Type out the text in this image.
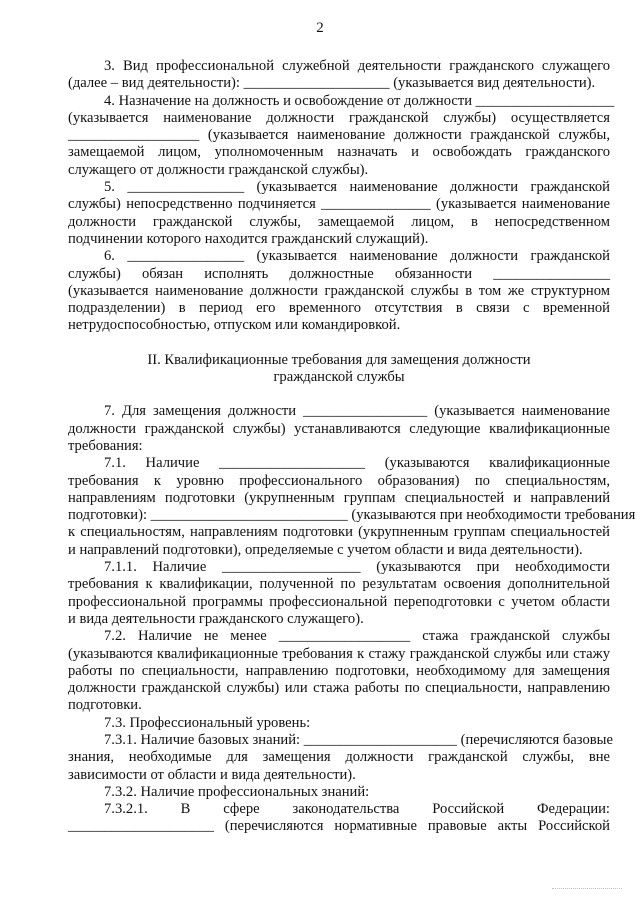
2
3. Вид профессиональной служебной деятельности гражданского служащего
(далее – вид деятельности): ____________________ (указывается вид деятельности).
4. Назначение на должность и освобождение от должности ___________________
(указывается наименование должности гражданской службы) осуществляется
__________________ (указывается наименование должности гражданской службы,
замещаемой лицом, уполномоченным назначать и освобождать гражданского
служащего от должности гражданской службы).
5. ________________ (указывается наименование должности гражданской
службы) непосредственно подчиняется _______________ (указывается наименование
должности гражданской службы, замещаемой лицом, в непосредственном
подчинении которого находится гражданский служащий).
6. ________________ (указывается наименование должности гражданской
службы) обязан исполнять должностные обязанности ________________
(указывается наименование должности гражданской службы в том же структурном
подразделении) в период его временного отсутствия в связи с временной
нетрудоспособностью, отпуском или командировкой.
II. Квалификационные требования для замещения должности
гражданской службы
7. Для замещения должности _________________ (указывается наименование
должности гражданской службы) устанавливаются следующие квалификационные
требования:
7.1. Наличие ____________________ (указываются квалификационные
требования к уровню профессионального образования) по специальностям,
направлениям подготовки (укрупненным группам специальностей и направлений
подготовки): ___________________________ (указываются при необходимости требования
к специальностям, направлениям подготовки (укрупненным группам специальностей
и направлений подготовки), определяемые с учетом области и вида деятельности).
7.1.1. Наличие ___________________ (указываются при необходимости
требования к квалификации, полученной по результатам освоения дополнительной
профессиональной программы профессиональной переподготовки с учетом области
и вида деятельности гражданского служащего).
7.2. Наличие не менее __________________ стажа гражданской службы
(указываются квалификационные требования к стажу гражданской службы или стажу
работы по специальности, направлению подготовки, необходимому для замещения
должности гражданской службы) или стажа работы по специальности, направлению
подготовки.
7.3. Профессиональный уровень:
7.3.1. Наличие базовых знаний: _____________________ (перечисляются базовые
знания, необходимые для замещения должности гражданской службы, вне
зависимости от области и вида деятельности).
7.3.2. Наличие профессиональных знаний:
7.3.2.1. В сфере законодательства Российской Федерации:
____________________ (перечисляются нормативные правовые акты Российской
